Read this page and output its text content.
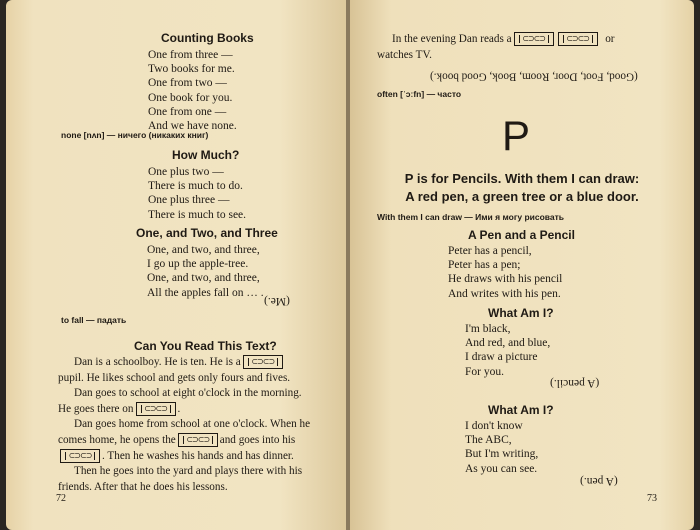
Counting Books
One from three —
Two books for me.
One from two —
One book for you.
One from one —
And we have none.
none [nʌn] — ничего (никаких книг)
How Much?
One plus two —
There is much to do.
One plus three —
There is much to see.
One, and Two, and Three
One, and two, and three,
I go up the apple-tree.
One, and two, and three,
All the apples fall on … .
(Me.)
to fall — падать
Can You Read This Text?
Dan is a schoolboy. He is ten. He is a⊂⊃⊂⊃
pupil. He likes school and gets only fours and fives.
Dan goes to school at eight o'clock in the morning.
He goes there on ⊂⊃⊂⊃	.
Dan goes home from school at one o'clock. When he
comes home, he opens the ⊂⊃⊂⊃	and goes into his
⊂⊃⊂⊃. Then he washes his hands and has dinner.
Then he goes into the yard and plays there with his
friends. After that he does his lessons.
72
In the evening Dan reads a ⊂⊃⊂⊃ ⊂⊃⊂⊃	or
watches TV.
(Good, Foot, Door, Room, Book, Good book.)
often [ˈɔːfn] — часто
P
P is for Pencils. With them I can draw:
A red pen, a green tree or a blue door.
With them I can draw — Ими я могу рисовать
A Pen and a Pencil
Peter has a pencil,
Peter has a pen;
He draws with his pencil
And writes with his pen.
What Am I?
I'm black,
And red, and blue,
I draw a picture
For you.
(A pencil.)
What Am I?
I don't know
The ABC,
But I'm writing,
As you can see.
(A pen.)
73
